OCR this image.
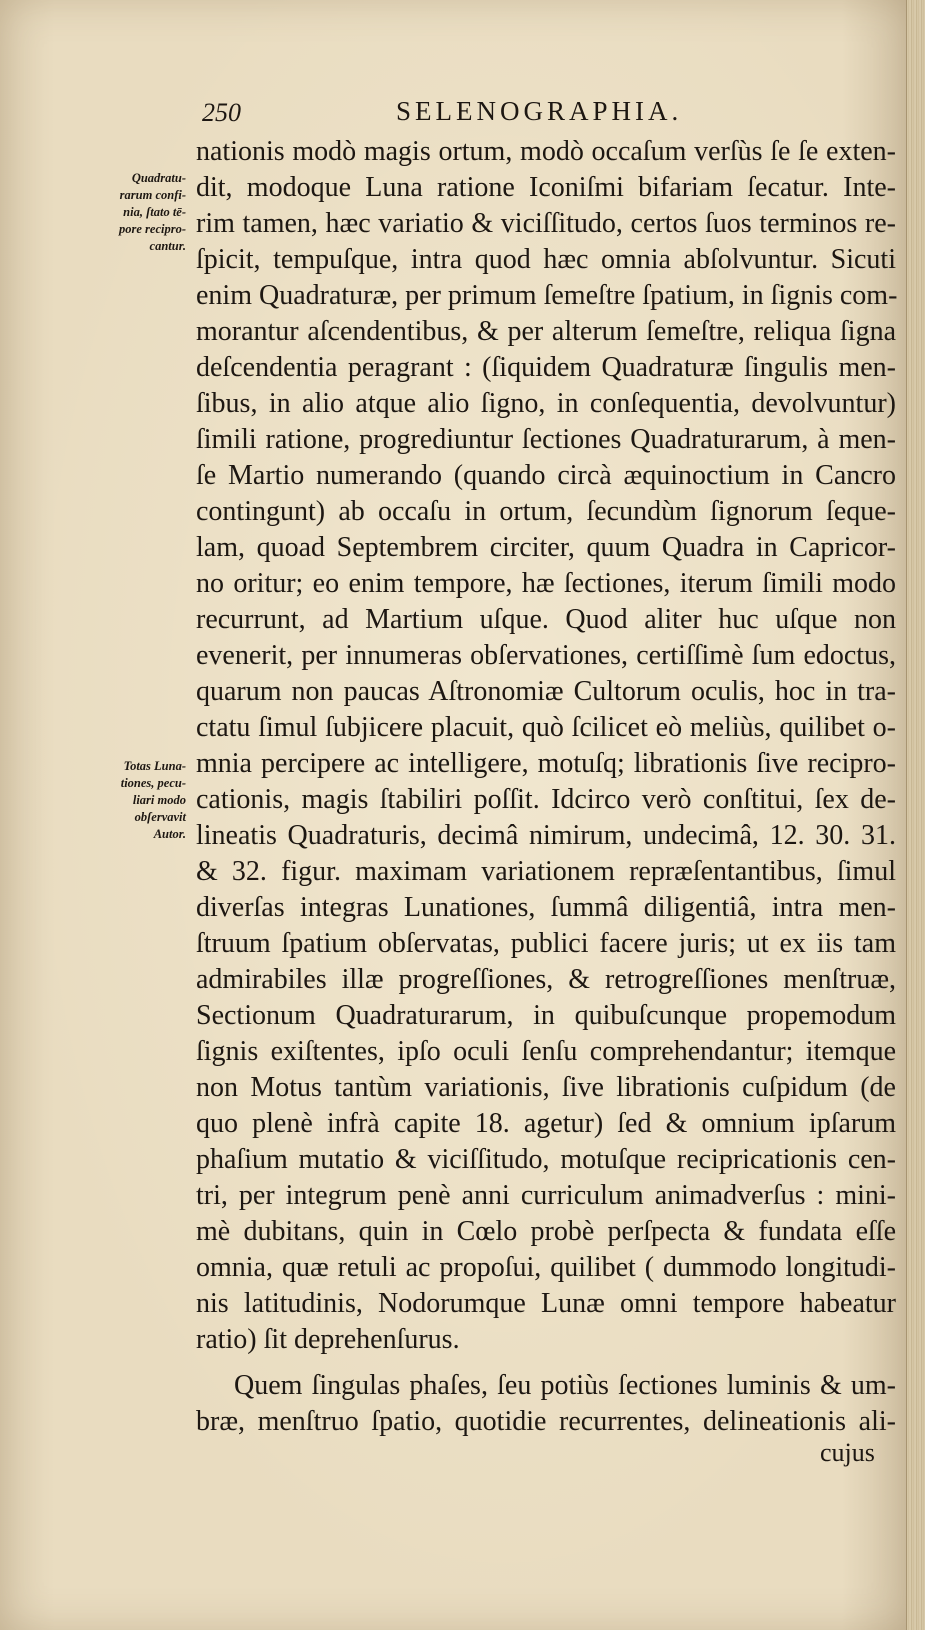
250	SELENOGRAPHIA.
Quadratu-
rarum confi-
nia, ſtato tē-
pore recipro-
cantur.
Totas Luna-
tiones, pecu-
liari modo
obſervavit
Autor.
nationis modò magis ortum, modò occaſum verſùs ſe ſe exten-
dit, modoque Luna ratione Iconiſmi bifariam ſecatur. Inte-
rim tamen, hæc variatio & viciſſitudo, certos ſuos terminos re-
ſpicit, tempuſque, intra quod hæc omnia abſolvuntur. Sicuti
enim Quadraturæ, per primum ſemeſtre ſpatium, in ſignis com-
morantur aſcendentibus, & per alterum ſemeſtre, reliqua ſigna
deſcendentia peragrant : (ſiquidem Quadraturæ ſingulis men-
ſibus, in alio atque alio ſigno, in conſequentia, devolvuntur)
ſimili ratione, progrediuntur ſectiones Quadraturarum, à men-
ſe Martio numerando (quando circà æquinoctium in Cancro
contingunt) ab occaſu in ortum, ſecundùm ſignorum ſeque-
lam, quoad Septembrem circiter, quum Quadra in Capricor-
no oritur; eo enim tempore, hæ ſectiones, iterum ſimili modo
recurrunt, ad Martium uſque. Quod aliter huc uſque non
evenerit, per innumeras obſervationes, certiſſimè ſum edoctus,
quarum non paucas Aſtronomiæ Cultorum oculis, hoc in tra-
ctatu ſimul ſubjicere placuit, quò ſcilicet eò meliùs, quilibet o-
mnia percipere ac intelligere, motuſq; librationis ſive recipro-
cationis, magis ſtabiliri poſſit. Idcirco verò conſtitui, ſex de-
lineatis Quadraturis, decimâ nimirum, undecimâ, 12. 30. 31.
& 32. figur. maximam variationem repræſentantibus, ſimul
diverſas integras Lunationes, ſummâ diligentiâ, intra men-
ſtruum ſpatium obſervatas, publici facere juris; ut ex iis tam
admirabiles illæ progreſſiones, & retrogreſſiones menſtruæ,
Sectionum Quadraturarum, in quibuſcunque propemodum
ſignis exiſtentes, ipſo oculi ſenſu comprehendantur; itemque
non Motus tantùm variationis, ſive librationis cuſpidum (de
quo plenè infrà capite 18. agetur) ſed & omnium ipſarum
phaſium mutatio & viciſſitudo, motuſque recipricationis cen-
tri, per integrum penè anni curriculum animadverſus : mini-
mè dubitans, quin in Cœlo probè perſpecta & fundata eſſe
omnia, quæ retuli ac propoſui, quilibet ( dummodo longitudi-
nis latitudinis, Nodorumque Lunæ omni tempore habeatur
ratio) ſit deprehenſurus.
Quem ſingulas phaſes, ſeu potiùs ſectiones luminis & um-
bræ, menſtruo ſpatio, quotidie recurrentes, delineationis ali-
cujus
